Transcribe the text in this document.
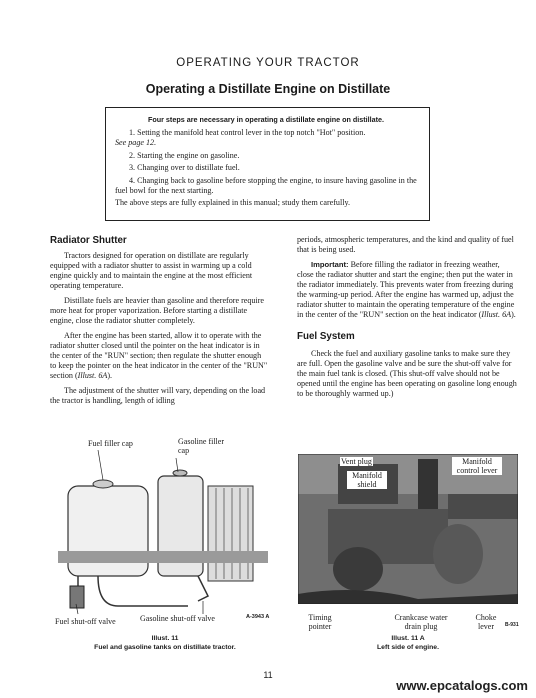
OPERATING YOUR TRACTOR
Operating a Distillate Engine on Distillate

Four steps are necessary in operating a distillate engine on distillate.

1. Setting the manifold heat control lever in the top notch "Hot" position.
See page 12.

2. Starting the engine on gasoline.

3. Changing over to distillate fuel.

4. Changing back to gasoline before stopping the engine, to insure having gasoline in the fuel bowl for the next starting.

The above steps are fully explained in this manual; study them carefully.

Radiator Shutter

Tractors designed for operation on distillate are regularly equipped with a radiator shutter to assist in warming up a cold engine quickly and to maintain the engine at the most efficient operating temperature.

Distillate fuels are heavier than gasoline and therefore require more heat for proper vaporization. Before starting a distillate engine, close the radiator shutter completely.

After the engine has been started, allow it to operate with the radiator shutter closed until the pointer on the heat indicator is in the center of the "RUN" section; then regulate the shutter enough to keep the pointer on the heat indicator in the center of the "RUN" section (Illust. 6A).

The adjustment of the shutter will vary, depending on the load the tractor is handling, length of idling

periods, atmospheric temperatures, and the kind and quality of fuel that is being used.

Important: Before filling the radiator in freezing weather, close the radiator shutter and start the engine; then put the water in the radiator immediately. This prevents water from freezing during the warming-up period. After the engine has warmed up, adjust the radiator shutter to maintain the operating temperature of the engine in the center of the "RUN" section on the heat indicator (Illust. 6A).

Fuel System

Check the fuel and auxiliary gasoline tanks to make sure they are full. Open the gasoline valve and be sure the shut-off valve for the main fuel tank is closed. (This shut-off valve should not be opened until the engine has been operating on gasoline long enough to be thoroughly warmed up.)

Fuel filler cap	Gasoline filler cap
Fuel shut-off valve	Gasoline shut-off valve	A-3943 A
Illust. 11
Fuel and gasoline tanks on distillate tractor.
Vent plug
Manifold shield
Manifold control lever
Timing pointer
Crankcase water drain plug
Choke lever	B-931
Illust. 11 A
Left side of engine.
11
www.epcatalogs.com
